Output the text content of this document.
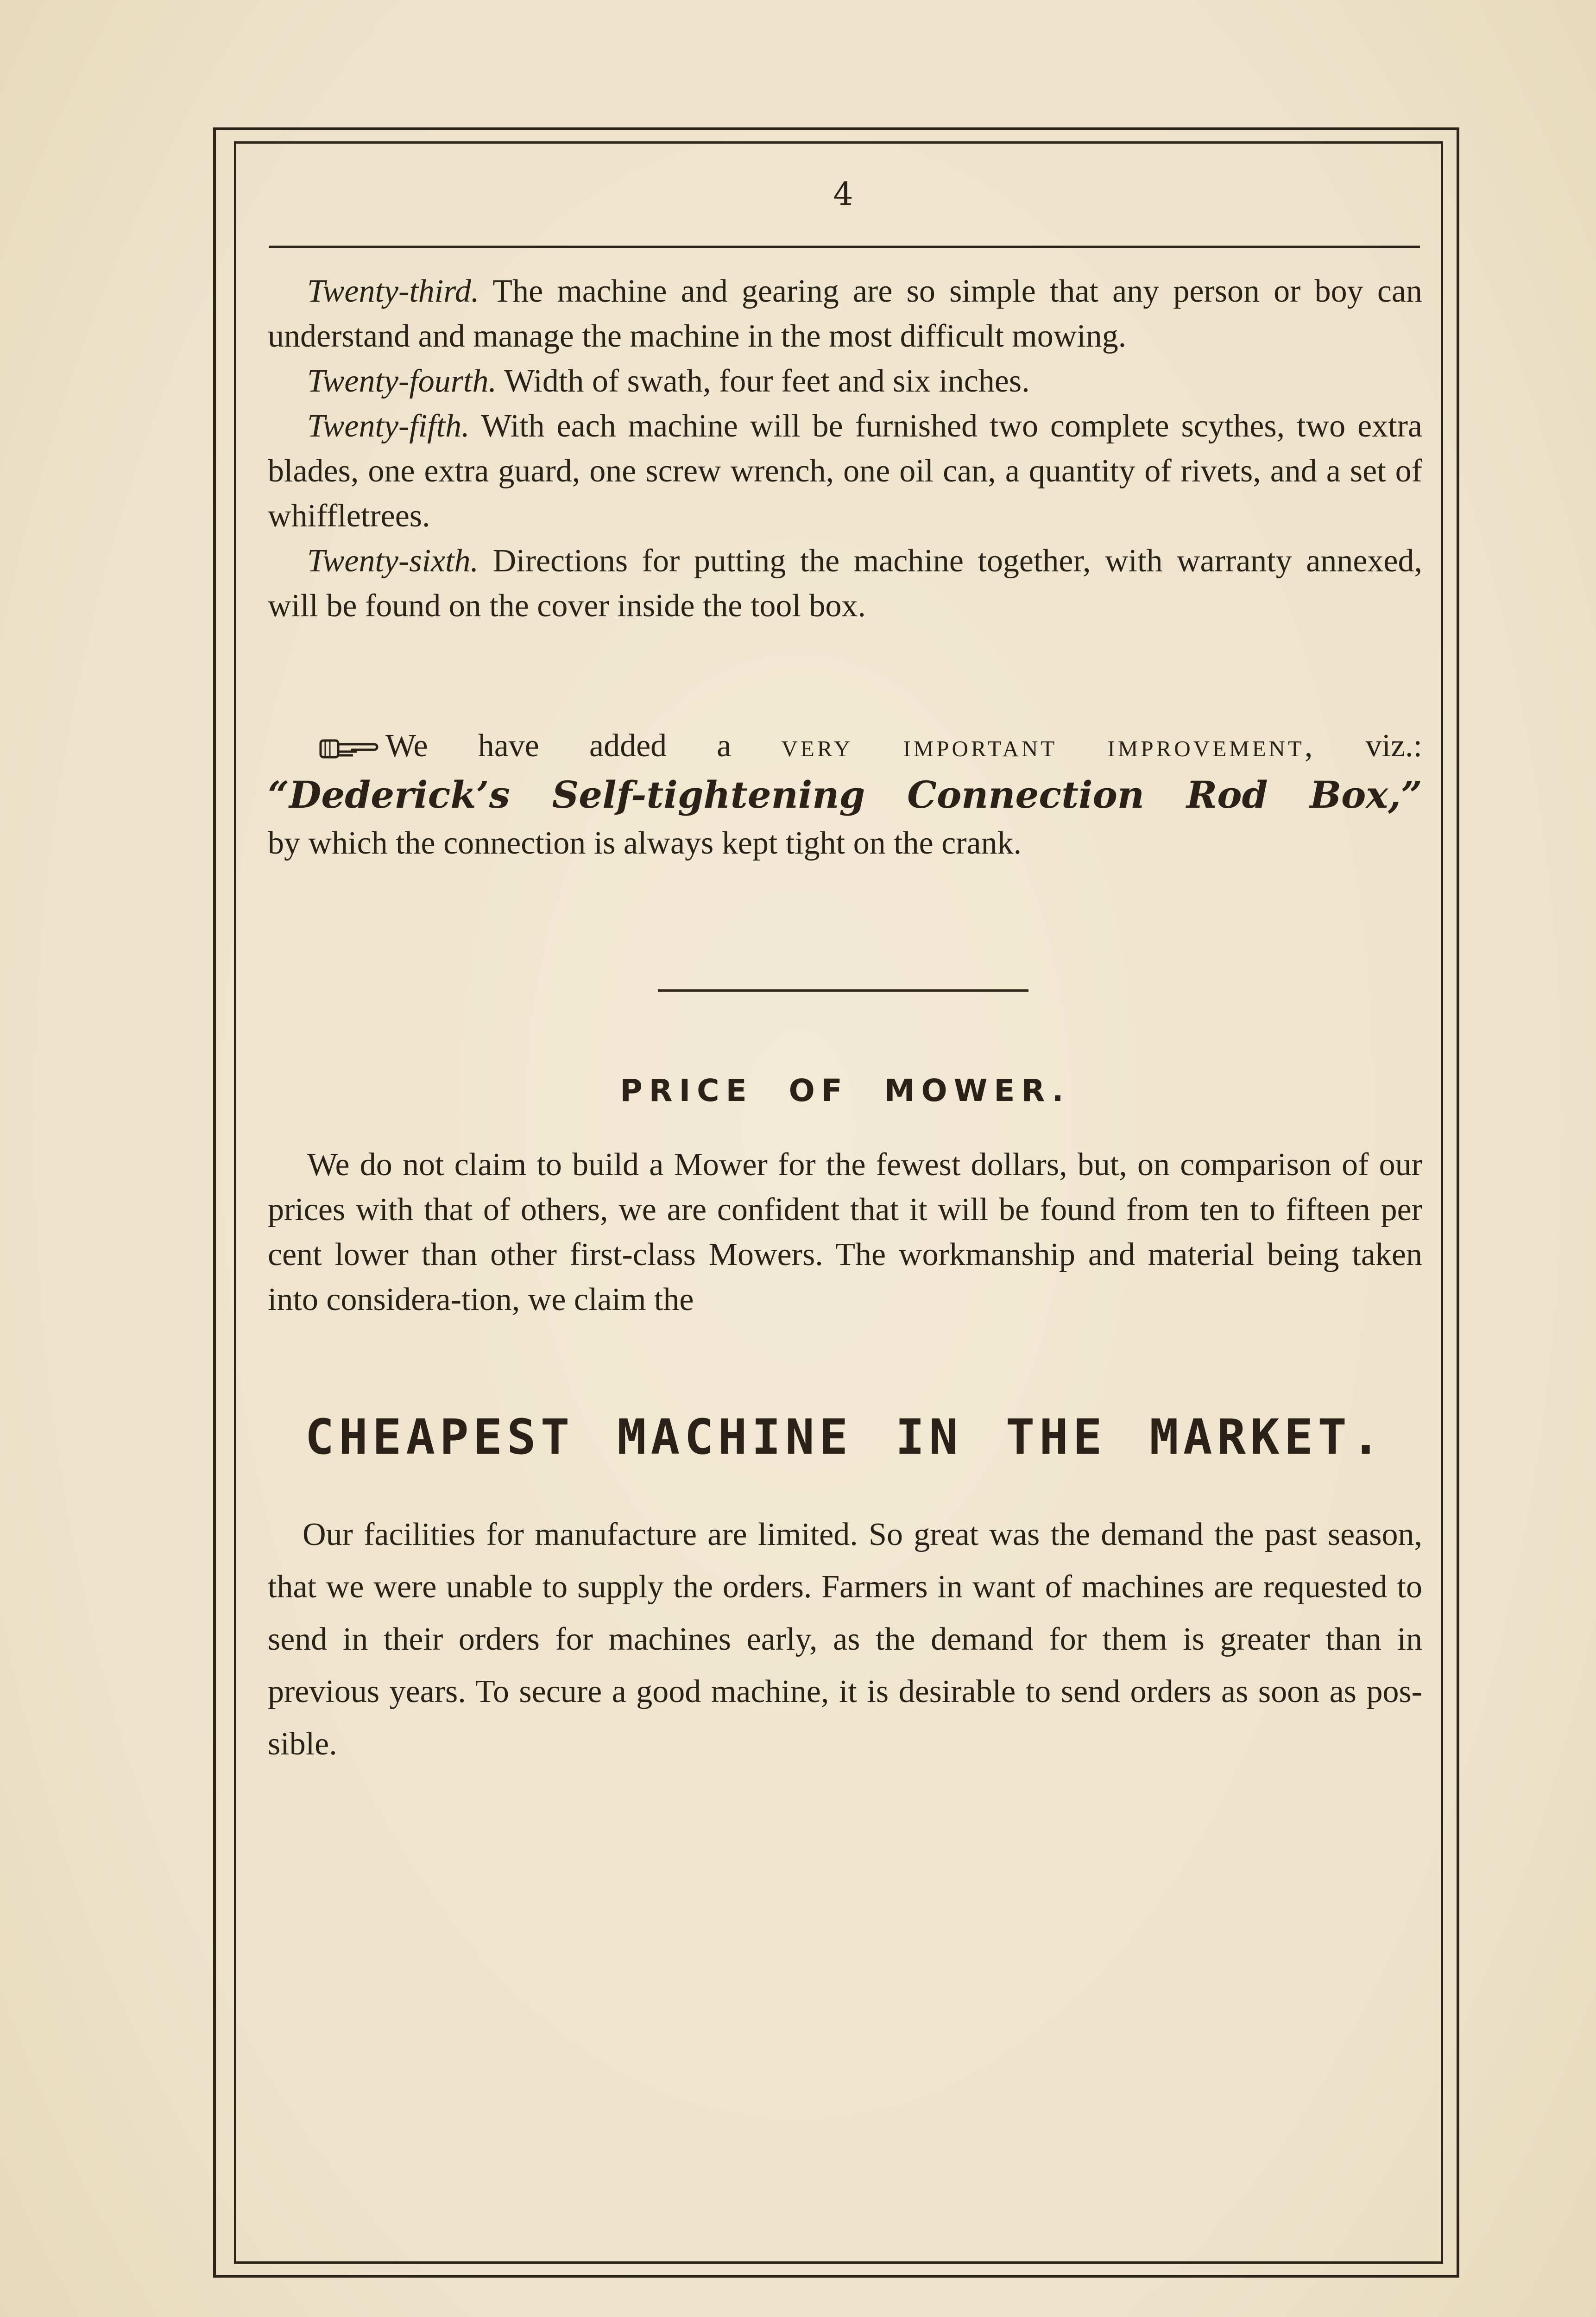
4

Twenty-third. The machine and gearing are so simple that any person or boy can understand and manage the machine in the most difficult mowing.

Twenty-fourth. Width of swath, four feet and six inches.

Twenty-fifth. With each machine will be furnished two complete scythes, two extra blades, one extra guard, one screw wrench, one oil can, a quantity of rivets, and a set of whiffletrees.

Twenty-sixth. Directions for putting the machine together, with warranty annexed, will be found on the cover inside the tool box.

We have added a very important improvement, viz.:
“Dederick’s Self-tightening Connection Rod Box,”
by which the connection is always kept tight on the crank.
PRICE OF MOWER.

We do not claim to build a Mower for the fewest dollars, but, on comparison of our prices with that of others, we are confident that it will be found from ten to fifteen per cent lower than other first-class Mowers. The workmanship and material being taken into considera-tion, we claim the

CHEAPEST MACHINE IN THE MARKET.

Our facilities for manufacture are limited. So great was the demand the past season, that we were unable to supply the orders. Farmers in want of machines are requested to send in their orders for machines early, as the demand for them is greater than in previous years. To secure a good machine, it is desirable to send orders as soon as pos-sible.
